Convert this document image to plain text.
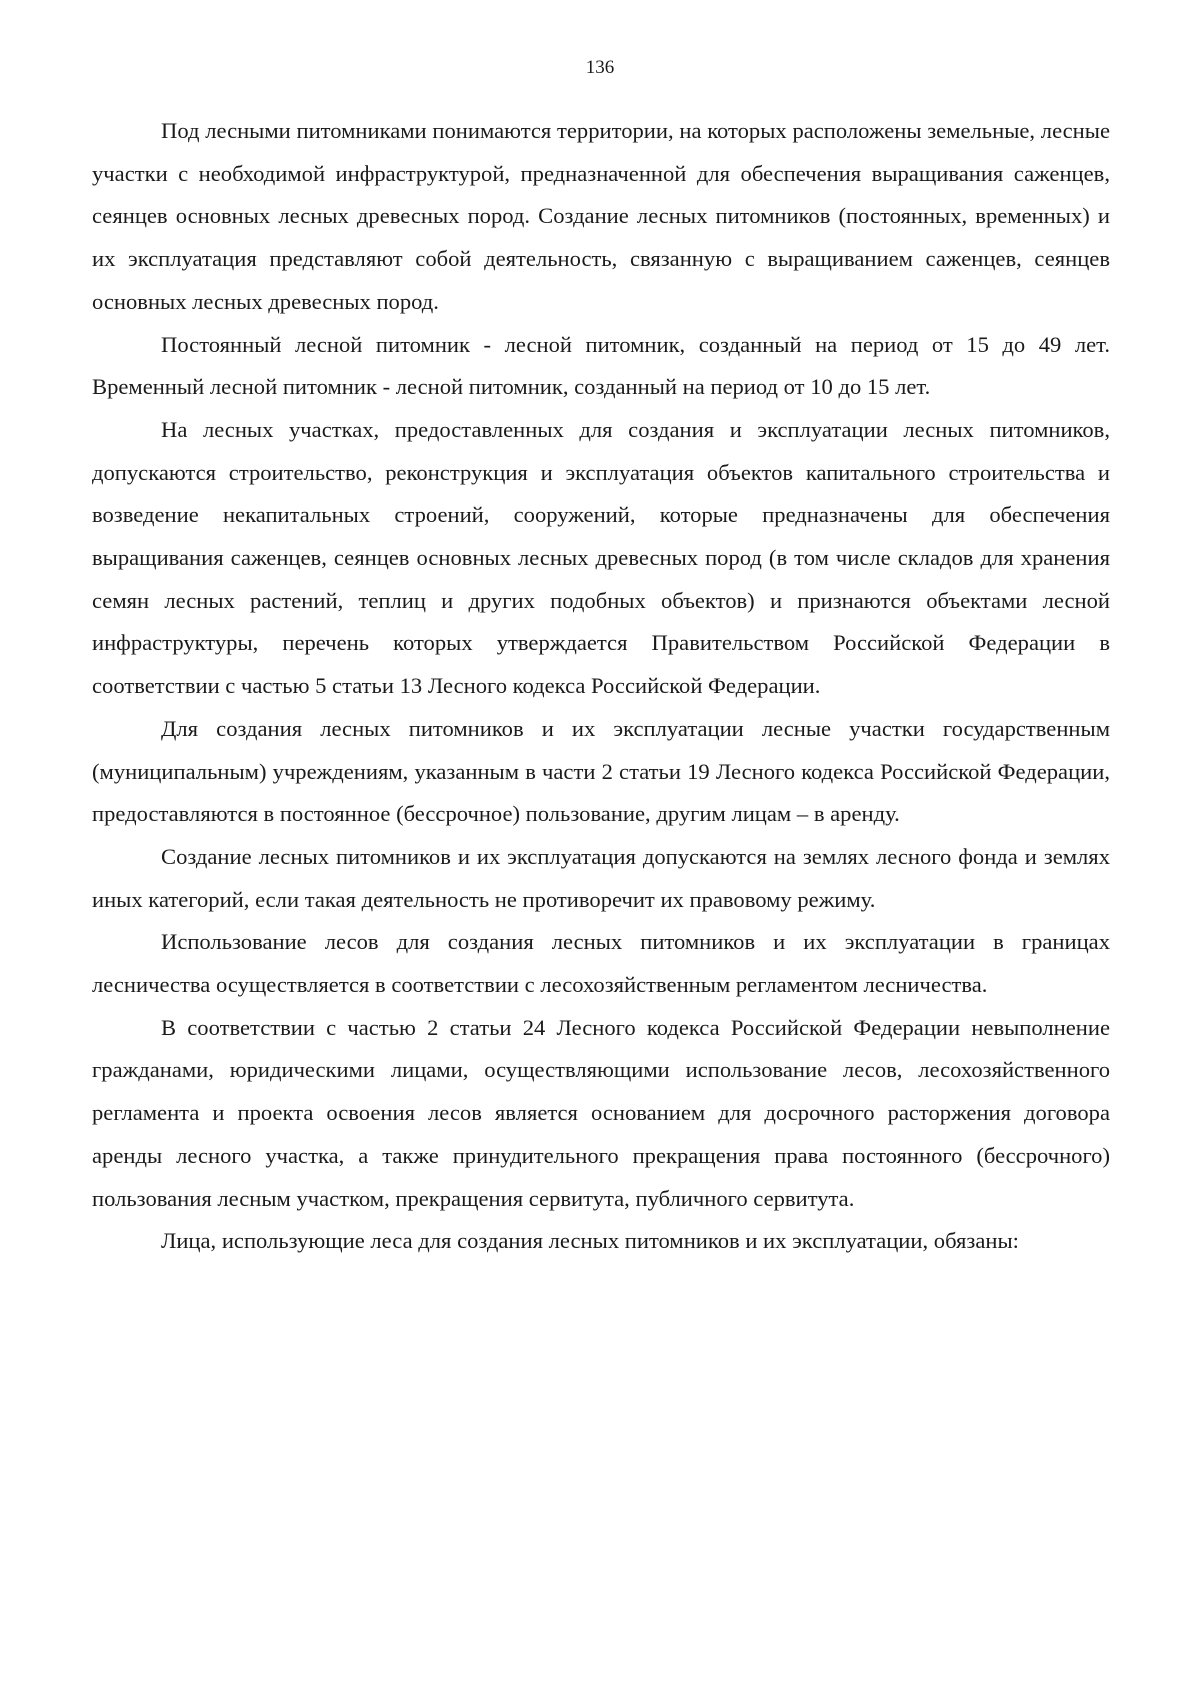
136

Под лесными питомниками понимаются территории, на которых расположены земельные, лесные участки с необходимой инфраструктурой, предназначенной для обеспечения выращивания саженцев, сеянцев основных лесных древесных пород. Создание лесных питомников (постоянных, временных) и их эксплуатация представляют собой деятельность, связанную с выращиванием саженцев, сеянцев основных лесных древесных пород.

Постоянный лесной питомник - лесной питомник, созданный на период от 15 до 49 лет. Временный лесной питомник - лесной питомник, созданный на период от 10 до 15 лет.

На лесных участках, предоставленных для создания и эксплуатации лесных питомников, допускаются строительство, реконструкция и эксплуатация объектов капитального строительства и возведение некапитальных строений, сооружений, которые предназначены для обеспечения выращивания саженцев, сеянцев основных лесных древесных пород (в том числе складов для хранения семян лесных растений, теплиц и других подобных объектов) и признаются объектами лесной инфраструктуры, перечень которых утверждается Правительством Российской Федерации в соответствии с частью 5 статьи 13 Лесного кодекса Российской Федерации.

Для создания лесных питомников и их эксплуатации лесные участки государственным (муниципальным) учреждениям, указанным в части 2 статьи 19 Лесного кодекса Российской Федерации, предоставляются в постоянное (бессрочное) пользование, другим лицам – в аренду.

Создание лесных питомников и их эксплуатация допускаются на землях лесного фонда и землях иных категорий, если такая деятельность не противоречит их правовому режиму.

Использование лесов для создания лесных питомников и их эксплуатации в границах лесничества осуществляется в соответствии с лесохозяйственным регламентом лесничества.

В соответствии с частью 2 статьи 24 Лесного кодекса Российской Федерации невыполнение гражданами, юридическими лицами, осуществляющими использование лесов, лесохозяйственного регламента и проекта освоения лесов является основанием для досрочного расторжения договора аренды лесного участка, а также принудительного прекращения права постоянного (бессрочного) пользования лесным участком, прекращения сервитута, публичного сервитута.

Лица, использующие леса для создания лесных питомников и их эксплуатации, обязаны:
